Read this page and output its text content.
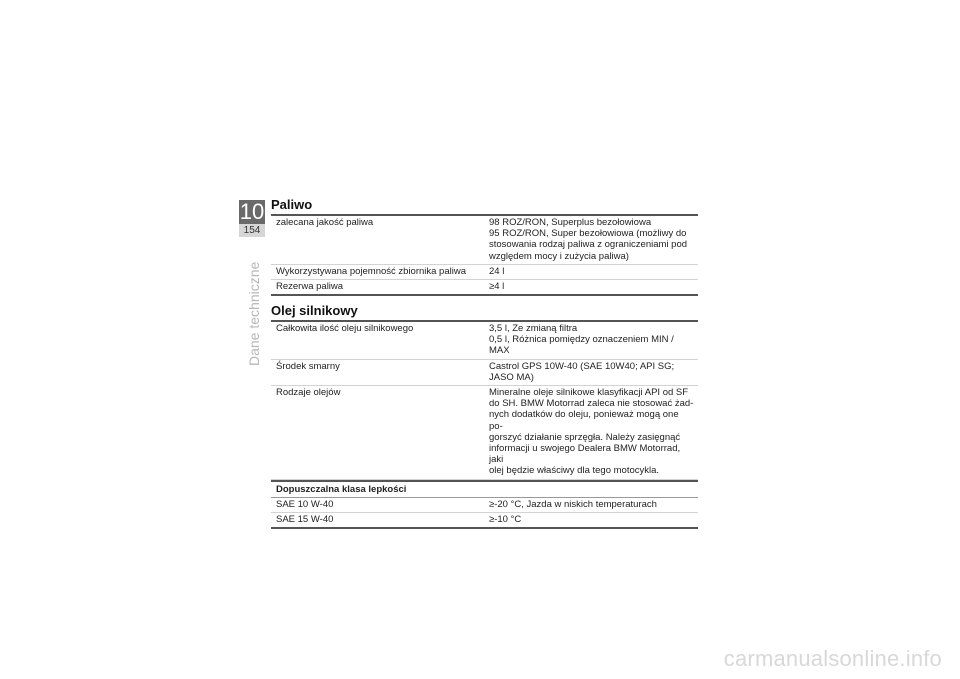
10
154
Dane techniczne
Paliwo
zalecana jakość paliwa	98 ROZ/RON, Superplus bezołowiowa
95 ROZ/RON, Super bezołowiowa (możliwy do
stosowania rodzaj paliwa z ograniczeniami pod
względem mocy i zużycia paliwa)
Wykorzystywana pojemność zbiornika paliwa	24 l
Rezerwa paliwa	≥4 l
Olej silnikowy
Całkowita ilość oleju silnikowego	3,5 l, Ze zmianą filtra
0,5 l, Różnica pomiędzy oznaczeniem MIN / MAX
Środek smarny	Castrol GPS 10W-40 (SAE 10W40; API SG;
JASO MA)
Rodzaje olejów	Mineralne oleje silnikowe klasyfikacji API od SF
do SH. BMW Motorrad zaleca nie stosować żad-
nych dodatków do oleju, ponieważ mogą one po-
gorszyć działanie sprzęgła. Należy zasięgnąć
informacji u swojego Dealera BMW Motorrad, jaki
olej będzie właściwy dla tego motocykla.
Dopuszczalna klasa lepkości
SAE 10 W-40	≥-20 °C, Jazda w niskich temperaturach
SAE 15 W-40	≥-10 °C
carmanualsonline.info
